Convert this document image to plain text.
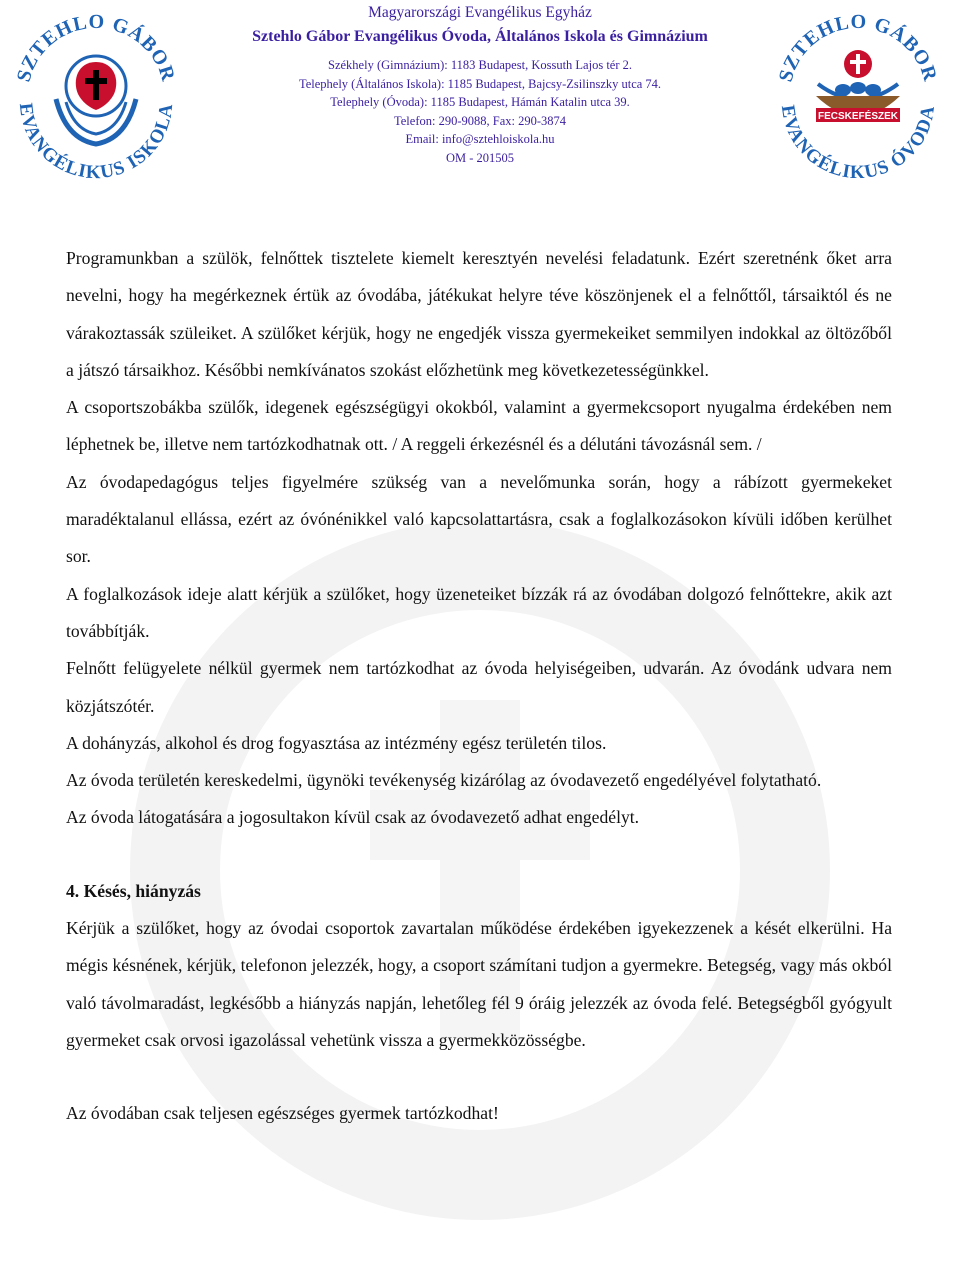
SZTEHLO GÁBOR
EVANGÉLIKUS ISKOLA
SZTEHLO GÁBOR
EVANGÉLIKUS ÓVODA
FECSKEFÉSZEK
Magyarországi Evangélikus Egyház
Sztehlo Gábor Evangélikus Óvoda, Általános Iskola és Gimnázium
Székhely (Gimnázium): 1183 Budapest, Kossuth Lajos tér 2.
Telephely (Általános Iskola): 1185 Budapest, Bajcsy-Zsilinszky utca 74.
Telephely (Óvoda): 1185 Budapest, Hámán Katalin utca 39.
Telefon: 290-9088, Fax: 290-3874
Email: info@sztehloiskola.hu
OM - 201505

Programunkban a szülök, felnőttek tisztelete kiemelt keresztyén nevelési feladatunk. Ezért szeretnénk őket arra nevelni, hogy ha megérkeznek értük az óvodába, játékukat helyre téve köszönjenek el a felnőttől, társaiktól és ne várakoztassák szüleiket. A szülőket kérjük, hogy ne engedjék vissza gyermekeiket semmilyen indokkal az öltözőből a játszó társaikhoz. Későbbi nemkívánatos szokást előzhetünk meg következetességünkkel.

A csoportszobákba szülők, idegenek egészségügyi okokból, valamint a gyermekcsoport nyugalma érdekében nem léphetnek be, illetve nem tartózkodhatnak ott. / A reggeli érkezésnél és a délutáni távozásnál sem. /

Az óvodapedagógus teljes figyelmére szükség van a nevelőmunka során, hogy a rábízott gyermekeket maradéktalanul ellássa, ezért az óvónénikkel való kapcsolattartásra, csak a foglalkozásokon kívüli időben kerülhet sor.

A foglalkozások ideje alatt kérjük a szülőket, hogy üzeneteiket bízzák rá az óvodában dolgozó felnőttekre, akik azt továbbítják.

Felnőtt felügyelete nélkül gyermek nem tartózkodhat az óvoda helyiségeiben, udvarán. Az óvodánk udvara nem közjátszótér.

A dohányzás, alkohol és drog fogyasztása az intézmény egész területén tilos.

Az óvoda területén kereskedelmi, ügynöki tevékenység kizárólag az óvodavezető engedélyével folytatható.

Az óvoda látogatására a jogosultakon kívül csak az óvodavezető adhat engedélyt.

4. Késés, hiányzás

Kérjük a szülőket, hogy az óvodai csoportok zavartalan működése érdekében igyekezzenek a kését elkerülni. Ha mégis késnének, kérjük, telefonon jelezzék, hogy, a csoport számítani tudjon a gyermekre. Betegség, vagy más okból való távolmaradást, legkésőbb a hiányzás napján, lehetőleg fél 9 óráig jelezzék az óvoda felé. Betegségből gyógyult gyermeket csak orvosi igazolással vehetünk vissza a gyermekközösségbe.

Az óvodában csak teljesen egészséges gyermek tartózkodhat!
